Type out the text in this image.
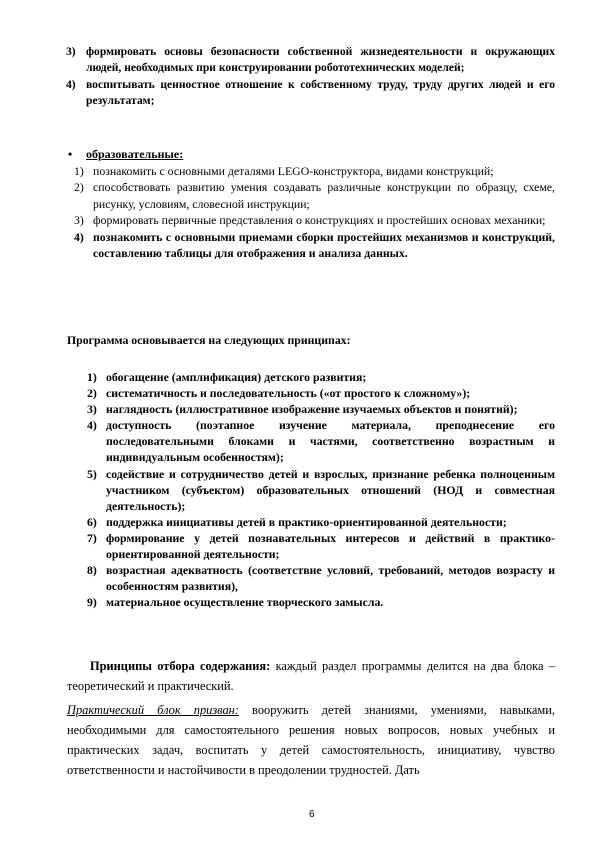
3) формировать основы безопасности собственной жизнедеятельности и окружающих людей, необходимых при конструировании робототехнических моделей;
4) воспитывать ценностное отношение к собственному труду, труду других людей и его результатам;
• образовательные:
1) познакомить с основными деталями LEGO-конструктора, видами конструкций;
2) способствовать развитию умения создавать различные конструкции по образцу, схеме, рисунку, условиям, словесной инструкции;
3) формировать первичные представления о конструкциях и простейших основах механики;
4) познакомить с основными приемами сборки простейших механизмов и конструкций, составлению таблицы для отображения и анализа данных.
Программа основывается на следующих принципах:
1) обогащение (амплификация) детского развития;
2) систематичность и последовательность («от простого к сложному»);
3) наглядность (иллюстративное изображение изучаемых объектов и понятий);
4) доступность (поэтапное изучение материала, преподнесение его последовательными блоками и частями, соответственно возрастным и индивидуальным особенностям);
5) содействие и сотрудничество детей и взрослых, признание ребенка полноценным участником (субъектом) образовательных отношений (НОД и совместная деятельность);
6) поддержка инициативы детей в практико-ориентированной деятельности;
7) формирование у детей познавательных интересов и действий в практико-ориентированной деятельности;
8) возрастная адекватность (соответствие условий, требований, методов возрасту и особенностям развития),
9) материальное осуществление творческого замысла.

Принципы отбора содержания: каждый раздел программы делится на два блока – теоретический и практический.

Практический блок призван: вооружить детей знаниями, умениями, навыками, необходимыми для самостоятельного решения новых вопросов, новых учебных и практических задач, воспитать у детей самостоятельность, инициативу, чувство ответственности и настойчивости в преодолении трудностей. Дать

6
